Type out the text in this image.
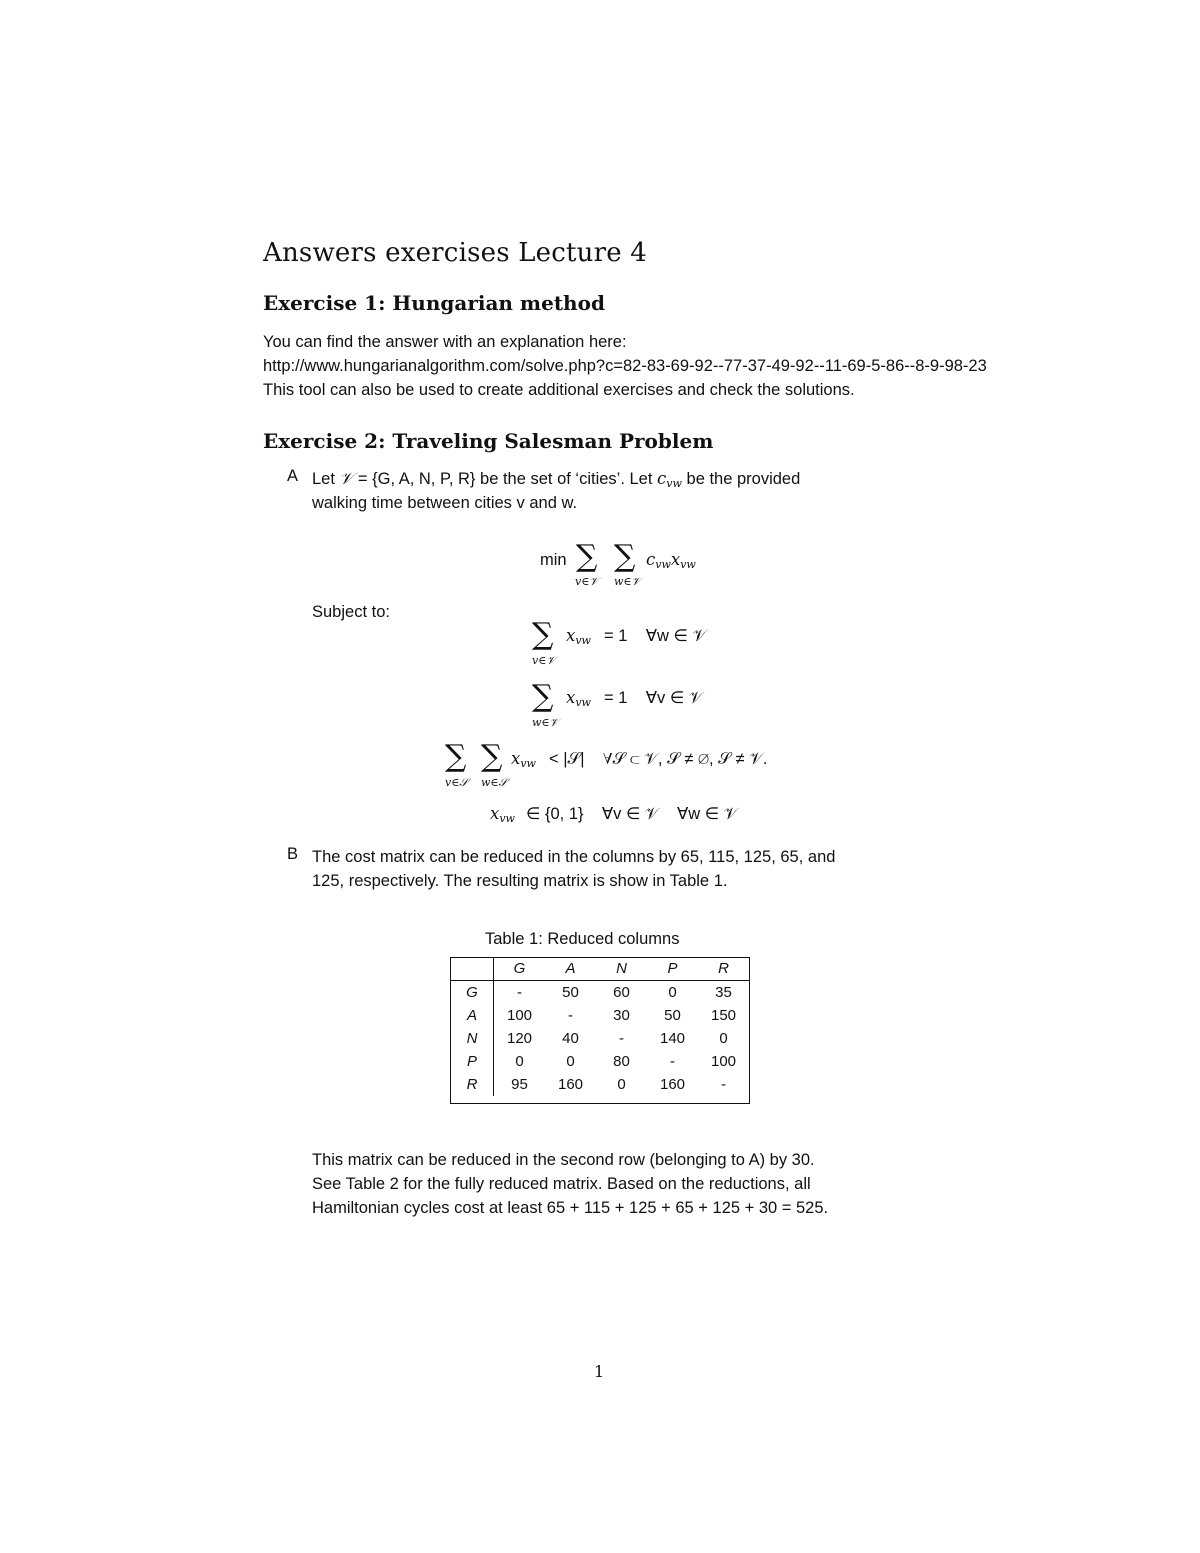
Answers exercises Lecture 4
Exercise 1: Hungarian method
You can find the answer with an explanation here:
http://www.hungarianalgorithm.com/solve.php?c=82-83-69-92--77-37-49-92--11-69-5-86--8-9-98-23
This tool can also be used to create additional exercises and check the solutions.
Exercise 2: Traveling Salesman Problem
A Let 𝒱 = {G, A, N, P, R} be the set of ‘cities’. Let $c_{vw}$ be the provided
walking time between cities v and w.
min ∑
v∈𝒱
∑
w∈𝒱
$c_{vw}x_{vw}$
Subject to:
∑
v∈𝒱
$x_{vw} = 1$    ∀w ∈ 𝒱
∑
w∈𝒱
$x_{vw} = 1$    ∀v ∈ 𝒱
∑
v∈𝒮
∑
w∈𝒮
$x_{vw}$ < |𝒮|    ∀𝒮 ⊂ 𝒱, 𝒮 ≠ ∅, 𝒮 ≠ 𝒱.
$x_{vw}$ ∈ {0, 1}    ∀v ∈ 𝒱    ∀w ∈ 𝒱
B The cost matrix can be reduced in the columns by 65, 115, 125, 65, and
125, respectively. The resulting matrix is show in Table 1.
Table 1: Reduced columns
	G	A	N	P	R
G	-	50	60	0	35
A	100	-	30	50	150
N	120	40	-	140	0
P	0	0	80	-	100
R	95	160	0	160	-
This matrix can be reduced in the second row (belonging to A) by 30.
See Table 2 for the fully reduced matrix. Based on the reductions, all
Hamiltonian cycles cost at least 65 + 115 + 125 + 65 + 125 + 30 = 525.
1
